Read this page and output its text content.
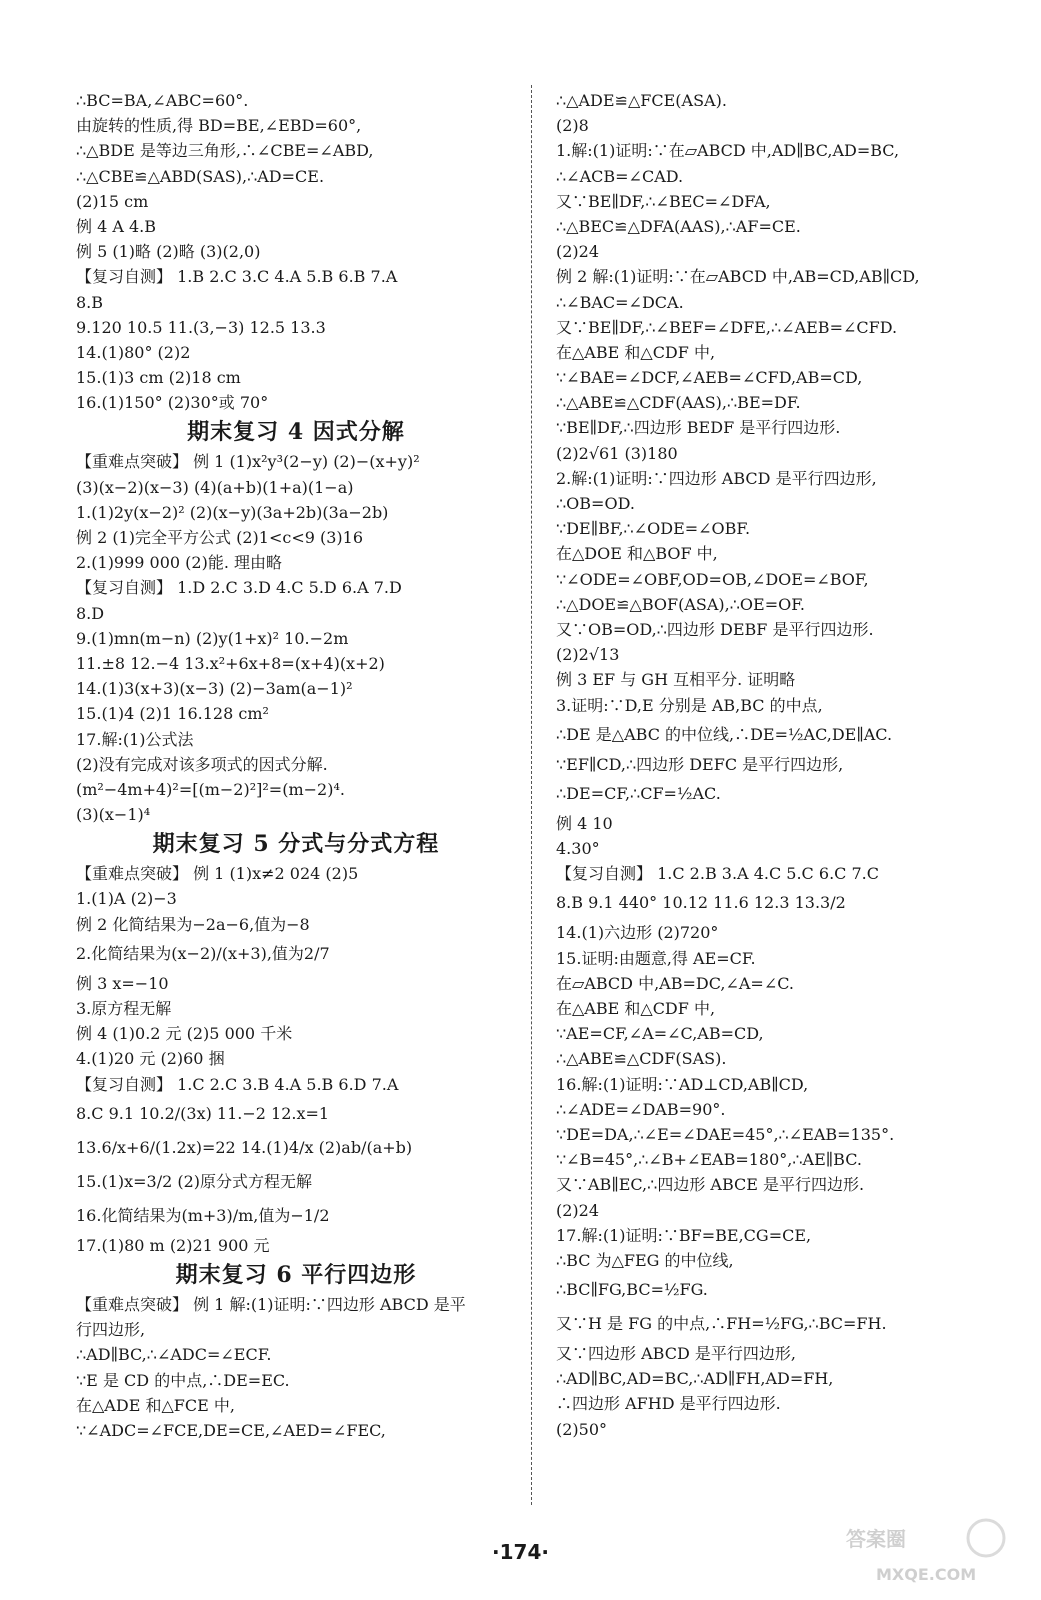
∴BC=BA,∠ABC=60°.
由旋转的性质,得 BD=BE,∠EBD=60°,
∴△BDE 是等边三角形,∴∠CBE=∠ABD,
∴△CBE≌△ABD(SAS),∴AD=CE.
(2)15 cm
例 4 A 4.B
例 5 (1)略 (2)略 (3)(2,0)
【复习自测】 1.B 2.C 3.C 4.A 5.B 6.B 7.A
8.B
9.120 10.5 11.(3,−3) 12.5 13.3
14.(1)80° (2)2
15.(1)3 cm (2)18 cm
16.(1)150° (2)30°或 70°
期末复习 4 因式分解
【重难点突破】 例 1 (1)x²y³(2−y) (2)−(x+y)²
(3)(x−2)(x−3) (4)(a+b)(1+a)(1−a)
1.(1)2y(x−2)² (2)(x−y)(3a+2b)(3a−2b)
例 2 (1)完全平方公式 (2)1<c<9 (3)16
2.(1)999 000 (2)能. 理由略
【复习自测】 1.D 2.C 3.D 4.C 5.D 6.A 7.D
8.D
9.(1)mn(m−n) (2)y(1+x)² 10.−2m
11.±8 12.−4 13.x²+6x+8=(x+4)(x+2)
14.(1)3(x+3)(x−3) (2)−3am(a−1)²
15.(1)4 (2)1 16.128 cm²
17.解:(1)公式法
(2)没有完成对该多项式的因式分解.
(m²−4m+4)²=[(m−2)²]²=(m−2)⁴.
(3)(x−1)⁴
期末复习 5 分式与分式方程
【重难点突破】 例 1 (1)x≠2 024 (2)5
1.(1)A (2)−3
例 2 化简结果为−2a−6,值为−8
2.化简结果为(x−2)/(x+3),值为2/7
例 3 x=−10
3.原方程无解
例 4 (1)0.2 元 (2)5 000 千米
4.(1)20 元 (2)60 捆
【复习自测】 1.C 2.C 3.B 4.A 5.B 6.D 7.A
8.C 9.1 10.2/(3x) 11.−2 12.x=1
13.6/x+6/(1.2x)=22 14.(1)4/x (2)ab/(a+b)
15.(1)x=3/2 (2)原分式方程无解
16.化简结果为(m+3)/m,值为−1/2
17.(1)80 m (2)21 900 元
期末复习 6 平行四边形
【重难点突破】 例 1 解:(1)证明:∵四边形 ABCD 是平
行四边形,
∴AD∥BC,∴∠ADC=∠ECF.
∵E 是 CD 的中点,∴DE=EC.
在△ADE 和△FCE 中,
∵∠ADC=∠FCE,DE=CE,∠AED=∠FEC,
∴△ADE≌△FCE(ASA).
(2)8
1.解:(1)证明:∵在▱ABCD 中,AD∥BC,AD=BC,
∴∠ACB=∠CAD.
又∵BE∥DF,∴∠BEC=∠DFA,
∴△BEC≌△DFA(AAS),∴AF=CE.
(2)24
例 2 解:(1)证明:∵在▱ABCD 中,AB=CD,AB∥CD,
∴∠BAC=∠DCA.
又∵BE∥DF,∴∠BEF=∠DFE,∴∠AEB=∠CFD.
在△ABE 和△CDF 中,
∵∠BAE=∠DCF,∠AEB=∠CFD,AB=CD,
∴△ABE≌△CDF(AAS),∴BE=DF.
∵BE∥DF,∴四边形 BEDF 是平行四边形.
(2)2√61 (3)180
2.解:(1)证明:∵四边形 ABCD 是平行四边形,
∴OB=OD.
∵DE∥BF,∴∠ODE=∠OBF.
在△DOE 和△BOF 中,
∵∠ODE=∠OBF,OD=OB,∠DOE=∠BOF,
∴△DOE≌△BOF(ASA),∴OE=OF.
又∵OB=OD,∴四边形 DEBF 是平行四边形.
(2)2√13
例 3 EF 与 GH 互相平分. 证明略
3.证明:∵D,E 分别是 AB,BC 的中点,
∴DE 是△ABC 的中位线,∴DE=½AC,DE∥AC.
∵EF∥CD,∴四边形 DEFC 是平行四边形,
∴DE=CF,∴CF=½AC.
例 4 10
4.30°
【复习自测】 1.C 2.B 3.A 4.C 5.C 6.C 7.C
8.B 9.1 440° 10.12 11.6 12.3 13.3/2
14.(1)六边形 (2)720°
15.证明:由题意,得 AE=CF.
在▱ABCD 中,AB=DC,∠A=∠C.
在△ABE 和△CDF 中,
∵AE=CF,∠A=∠C,AB=CD,
∴△ABE≌△CDF(SAS).
16.解:(1)证明:∵AD⊥CD,AB∥CD,
∴∠ADE=∠DAB=90°.
∵DE=DA,∴∠E=∠DAE=45°,∴∠EAB=135°.
∵∠B=45°,∴∠B+∠EAB=180°,∴AE∥BC.
又∵AB∥EC,∴四边形 ABCE 是平行四边形.
(2)24
17.解:(1)证明:∵BF=BE,CG=CE,
∴BC 为△FEG 的中位线,
∴BC∥FG,BC=½FG.
又∵H 是 FG 的中点,∴FH=½FG,∴BC=FH.
又∵四边形 ABCD 是平行四边形,
∴AD∥BC,AD=BC,∴AD∥FH,AD=FH,
∴四边形 AFHD 是平行四边形.
(2)50°
·174·
答案圈
MXQE.COM
